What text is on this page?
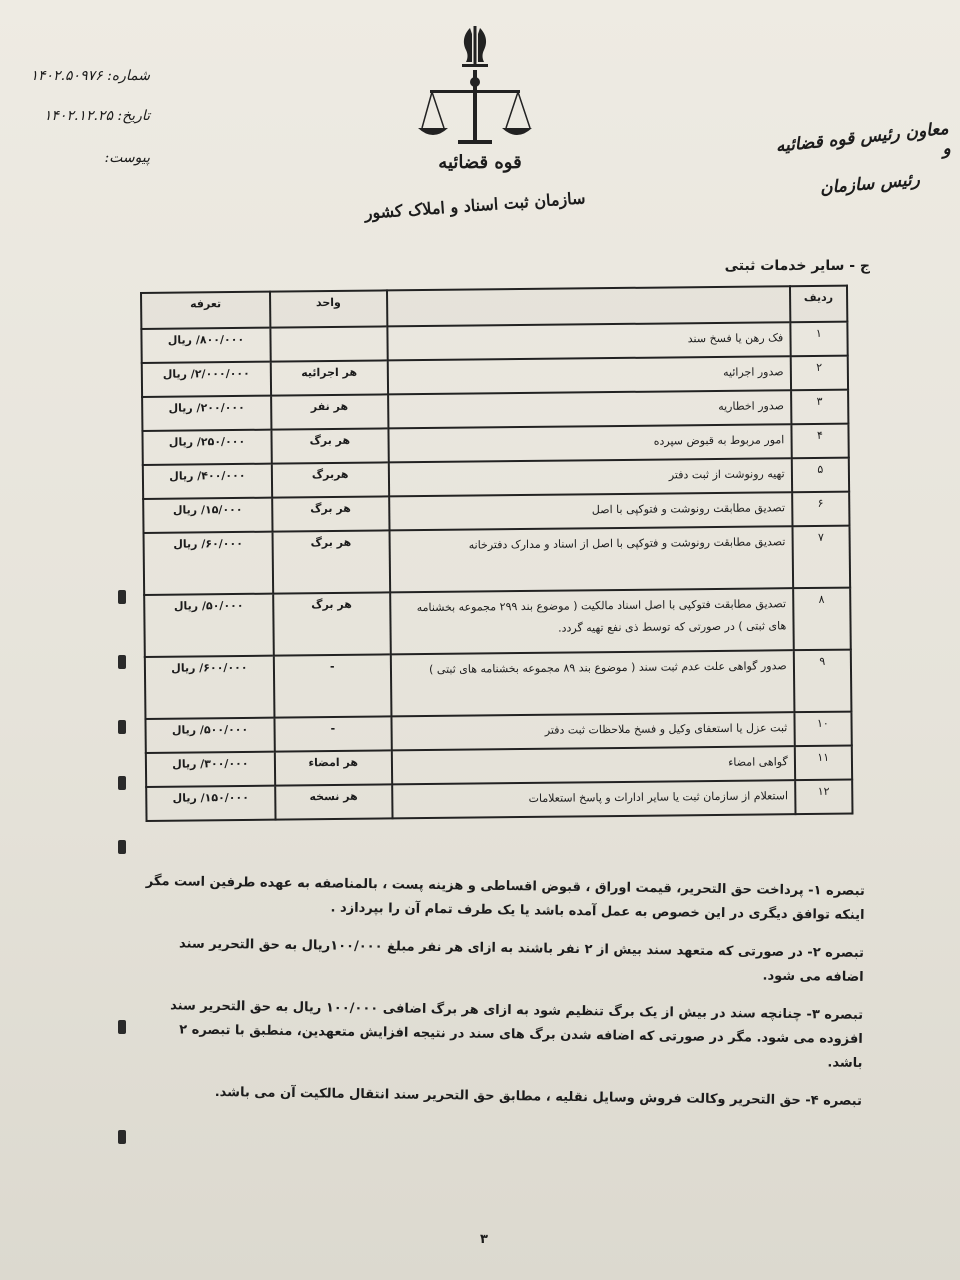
قوه قضائیه
سازمان ثبت اسناد و املاک کشور
شماره: ۱۴۰۲.۵۰۹۷۶
تاریخ: ۱۴۰۲.۱۲.۲۵
پیوست:
معاون رئیس قوه قضائیه و
رئیس سازمان
ج - سایر خدمات ثبتی
ردیف		واحد	تعرفه
۱	فک رهن یا فسخ سند		۸۰۰/۰۰۰/ ریال
۲	صدور اجرائیه	هر اجرائیه	۲/۰۰۰/۰۰۰/ ریال
۳	صدور اخطاریه	هر نفر	۲۰۰/۰۰۰/ ریال
۴	امور مربوط به قبوض سپرده	هر برگ	۲۵۰/۰۰۰/ ریال
۵	تهیه رونوشت از ثبت دفتر	هربرگ	۴۰۰/۰۰۰/ ریال
۶	تصدیق مطابقت رونوشت و فتوکپی با اصل	هر برگ	۱۵/۰۰۰/ ریال
۷	تصدیق مطابقت رونوشت و فتوکپی با اصل از اسناد و مدارک دفترخانه	هر برگ	۶۰/۰۰۰/ ریال
۸	تصدیق مطابقت فتوکپی با اصل اسناد مالکیت ( موضوع بند ۲۹۹ مجموعه بخشنامه های ثبتی ) در صورتی که توسط ذی نفع تهیه گردد.	هر برگ	۵۰/۰۰۰/ ریال
۹	صدور گواهی علت عدم ثبت سند ( موضوع بند ۸۹ مجموعه بخشنامه های ثبتی )	-	۶۰۰/۰۰۰/ ریال
۱۰	ثبت عزل یا استعفای وکیل و فسخ ملاحظات ثبت دفتر	-	۵۰۰/۰۰۰/ ریال
۱۱	گواهی امضاء	هر امضاء	۳۰۰/۰۰۰/ ریال
۱۲	استعلام از سازمان ثبت یا سایر ادارات و پاسخ استعلامات	هر نسخه	۱۵۰/۰۰۰/ ریال
تبصره ۱- پرداخت حق التحریر، قیمت اوراق ، قبوض اقساطی و هزینه پست ، بالمناصفه به عهده طرفین است مگر اینکه توافق دیگری در این خصوص به عمل آمده باشد یا یک طرف تمام آن را بپردازد .
تبصره ۲- در صورتی که متعهد سند بیش از ۲ نفر باشند به ازای هر نفر مبلغ ۱۰۰/۰۰۰ریال به حق التحریر سند اضافه می شود.
تبصره ۳- چنانچه سند در بیش از یک برگ تنظیم شود به ازای هر برگ اضافی ۱۰۰/۰۰۰ ریال به حق التحریر سند افزوده می شود. مگر در صورتی که اضافه شدن برگ های سند در نتیجه افزایش متعهدین، منطبق با تبصره ۲ باشد.
تبصره ۴- حق التحریر وکالت فروش وسایل نقلیه ، مطابق حق التحریر سند انتقال مالکیت آن می باشد.
۳
